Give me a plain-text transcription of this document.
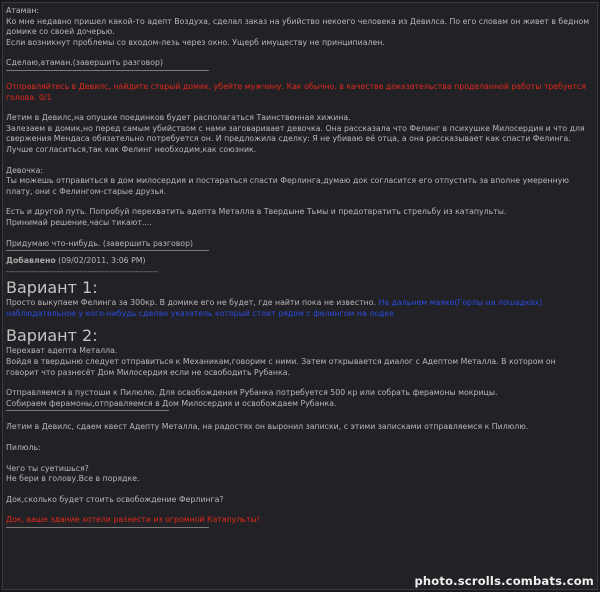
Атаман:

Ко мне недавно пришел какой-то адепт Воздуха, сделал заказ на убийство некоего человека из Девилса. По его словам он живет в бедном домике со своей дочерью.

Если возникнут проблемы со входом-лезь через окно. Ущерб имуществу не принципиален.

Сделаю,атаман.(завершить разговор)

Отправляйтесь в Девилс, найдите старый домик, убейте мужчину. Как обычно, в качестве доказательства проделанной работы требуется голова. 0/1

Летим в Девилс,на опушке поединков будет располагаться Таинственная хижина.

Залезаем в домик,но перед самым убийством с нами заговаривает девочка. Она рассказала что Фелинг в психушке Милосердия и что для свержения Мендаса обязательно потребуется он. И предложила сделку: Я не убиваю её отца, а она рассказывает как спасти Фелинга. Лучше согласиться,так как Фелинг необходим,как союзник.

Девочка:

Ты можешь отправиться в дом милосердия и постараться спасти Ферлинга,думаю док согласится его отпустить за вполне умеренную плату, они с Фелингом-старые друзья.

Есть и другой путь. Попробуй перехватить адепта Металла в Твердыне Тьмы и предотвратить стрельбу из катапульты.

Принимай решение,часы тикают....

Придумаю что-нибудь. (завершить разговор)

Добавлено (09/02/2011, 3:06 PM)

------------------------------------------------------

Вариант 1:

Просто выкупаем Фелинга за 300кр. В домике его не будет, где найти пока не известно. На дальнем маяке(Горлы на лошадках) наблюдательное у кого-нибудь сделан указатель который стоит рядом с фелингом на лодке

Вариант 2:

Перехват адепта Металла.

Войдя в твердыню следует отправиться к Механикам,говорим с ними. Затем открывается диалог с Адептом Металла. В котором он говорит что разнесёт Дом Милосердия если не освободить Рубанка.

Отправляемся в пустоши к Пилюлю. Для освобождения Рубанка потребуется 500 кр или собрать фeрамоны мокрицы.

Собираем ферамоны,отправляемся в Дом Милосердия и освобождаем Рубанка.

Летим в Девилс, сдаем квест Адепту Металла, на радостях он выронил записки, с этими записками отправляемся к Пилюлю.

Пилюль:

Чего ты суетишься?

Не бери в голову.Все в порядке.

Док,сколько будет стоить освобождение Ферлинга?

Док, ваше здание хотели разнести из огромной Катапульты!

photo.scrolls.combats.com
